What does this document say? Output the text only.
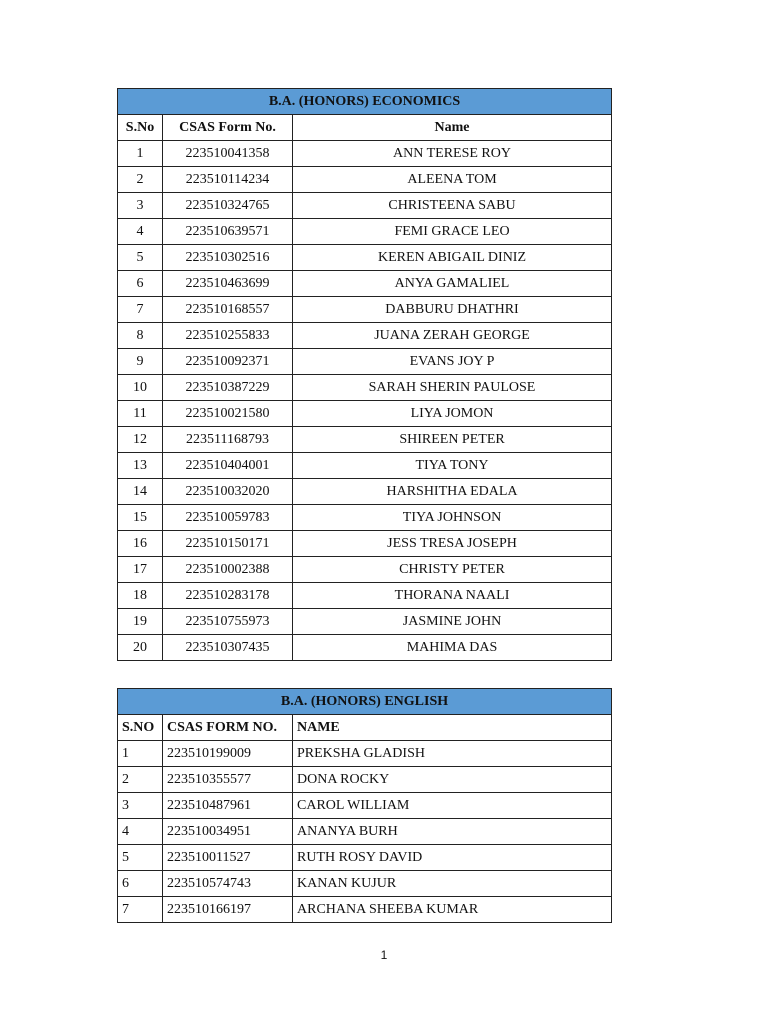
B.A. (HONORS) ECONOMICS		
S.No	CSAS Form No.	Name
1	223510041358	ANN TERESE ROY
2	223510114234	ALEENA TOM
3	223510324765	CHRISTEENA SABU
4	223510639571	FEMI GRACE LEO
5	223510302516	KEREN ABIGAIL DINIZ
6	223510463699	ANYA GAMALIEL
7	223510168557	DABBURU DHATHRI
8	223510255833	JUANA ZERAH GEORGE
9	223510092371	EVANS JOY P
10	223510387229	SARAH SHERIN PAULOSE
11	223510021580	LIYA JOMON
12	223511168793	SHIREEN PETER
13	223510404001	TIYA TONY
14	223510032020	HARSHITHA EDALA
15	223510059783	TIYA JOHNSON
16	223510150171	JESS TRESA JOSEPH
17	223510002388	CHRISTY PETER
18	223510283178	THORANA NAALI
19	223510755973	JASMINE JOHN
20	223510307435	MAHIMA DAS
B.A. (HONORS) ENGLISH		
S.NO	CSAS FORM NO.	NAME
1	223510199009	PREKSHA GLADISH
2	223510355577	DONA ROCKY
3	223510487961	CAROL WILLIAM
4	223510034951	ANANYA BURH
5	223510011527	RUTH ROSY DAVID
6	223510574743	KANAN KUJUR
7	223510166197	ARCHANA SHEEBA KUMAR
1
